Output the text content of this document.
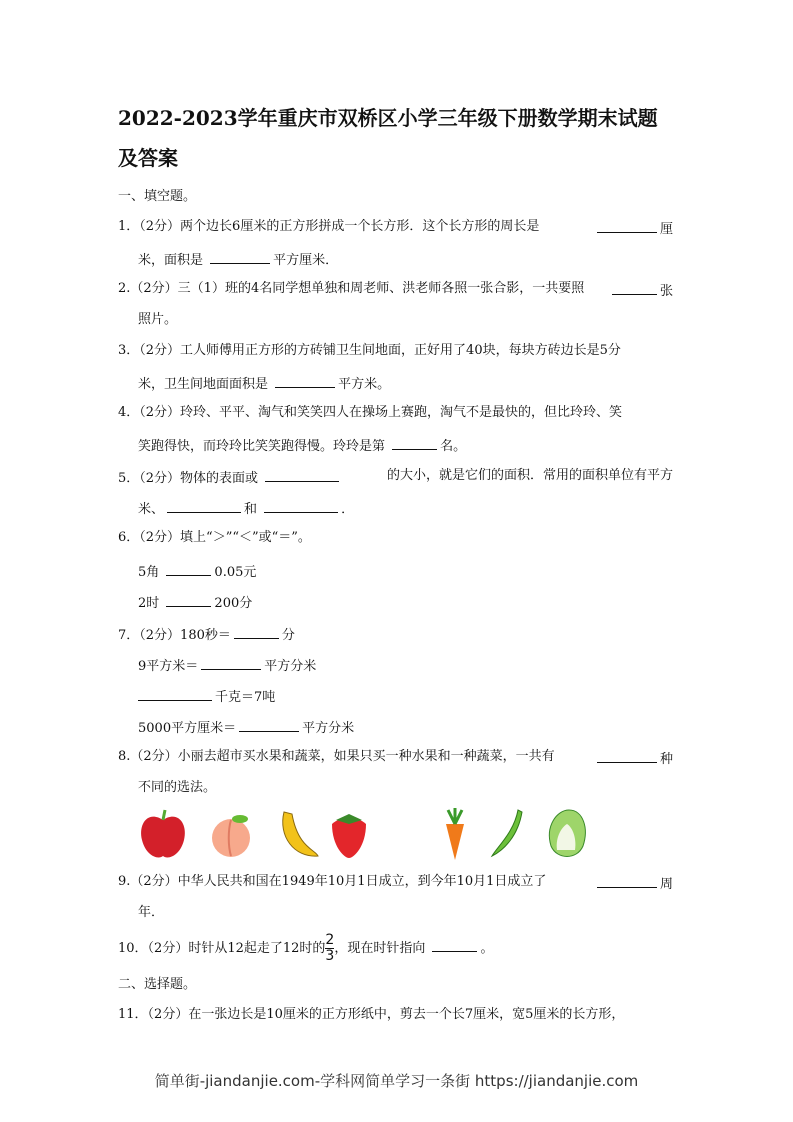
2022-2023学年重庆市双桥区小学三年级下册数学期末试题
及答案
一、填空题。
1．（2分）两个边长6厘米的正方形拼成一个长方形．这个长方形的周长是	厘
米，面积是	平方厘米．
2.（2分）三（1）班的4名同学想单独和周老师、洪老师各照一张合影，一共要照	张
照片。
3．（2分）工人师傅用正方形的方砖铺卫生间地面，正好用了40块，每块方砖边长是5分
米，卫生间地面面积是	平方米。
4．（2分）玲玲、平平、淘气和笑笑四人在操场上赛跑，淘气不是最快的，但比玲玲、笑
笑跑得快，而玲玲比笑笑跑得慢。玲玲是第	名。
5．（2分）物体的表面或	的大小，就是它们的面积．常用的面积单位有平方
米、	和	．
6．（2分）填上“＞”“＜”或“＝”。
5角	0.05元
2时	200分
7．（2分）180秒＝	分
9平方米＝	平方分米
千克＝7吨
5000平方厘米＝	平方分米
8.（2分）小丽去超市买水果和蔬菜，如果只买一种水果和一种蔬菜，一共有	种
不同的选法。
9.（2分）中华人民共和国在1949年10月1日成立，到今年10月1日成立了	周
年．
10．（2分）时针从12起走了12时的 $\frac{2}{3}$ ，现在时针指向	。
二、选择题。
11．（2分）在一张边长是10厘米的正方形纸中，剪去一个长7厘米，宽5厘米的长方形，
简单街-jiandanjie.com-学科网简单学习一条街 https://jiandanjie.com
